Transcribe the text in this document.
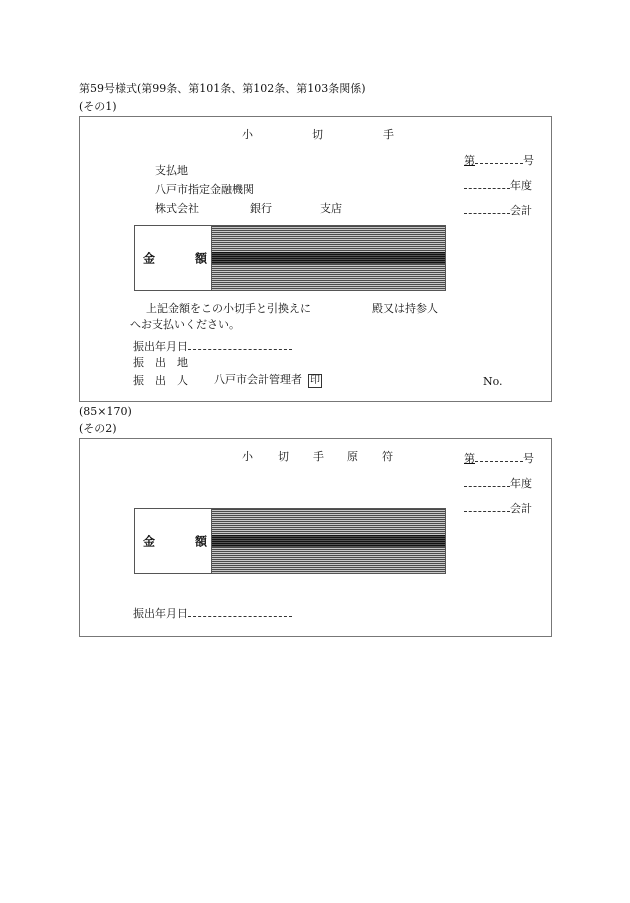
第59号様式(第99条、第101条、第102条、第103条関係)
(その1)
小	切	手
第	号
年度
会計
支払地
八戸市指定金融機関
株式会社	銀行	支店
金	額
上記金額をこの小切手と引換えに	殿又は持参人
へお支払いください。
振出年月日
振　出　地
振　出　人 八戸市会計管理者 印	No.
(85×170)
(その2)
小 切 手 原 符	第	号
年度
会計
金	額
振出年月日
